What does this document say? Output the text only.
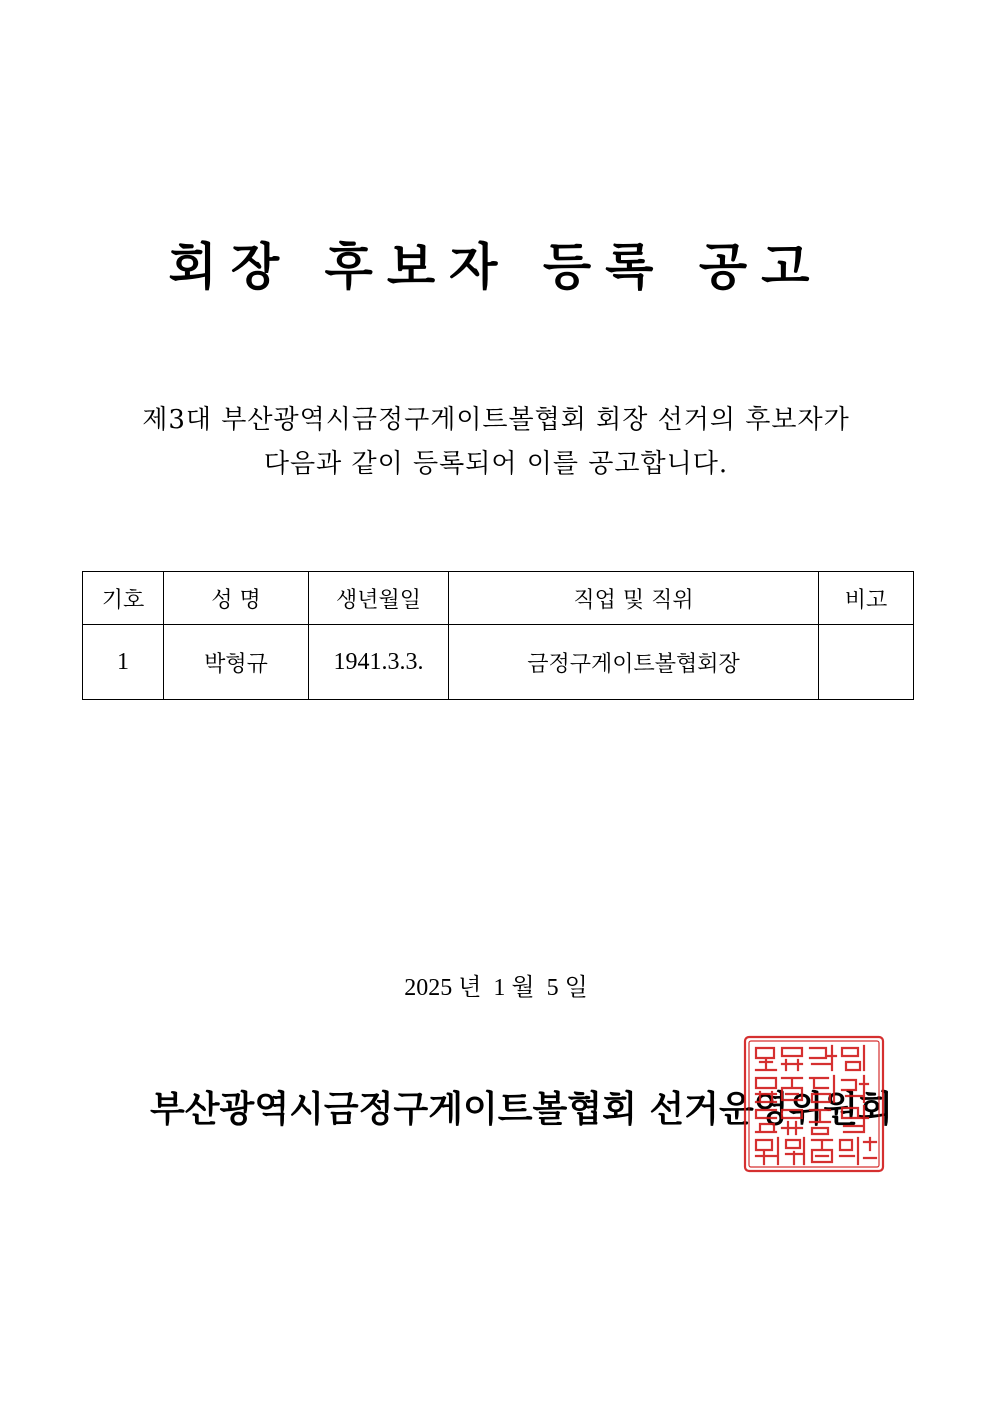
회장 후보자 등록 공고
제3대 부산광역시금정구게이트볼협회 회장 선거의 후보자가
다음과 같이 등록되어 이를 공고합니다.
기호	성 명	생년월일	직업 및 직위	비고
1	박형규	1941.3.3.	금정구게이트볼협회장	
2025 년  1 월  5 일
부산광역시금정구게이트볼협회 선거운영위원회
